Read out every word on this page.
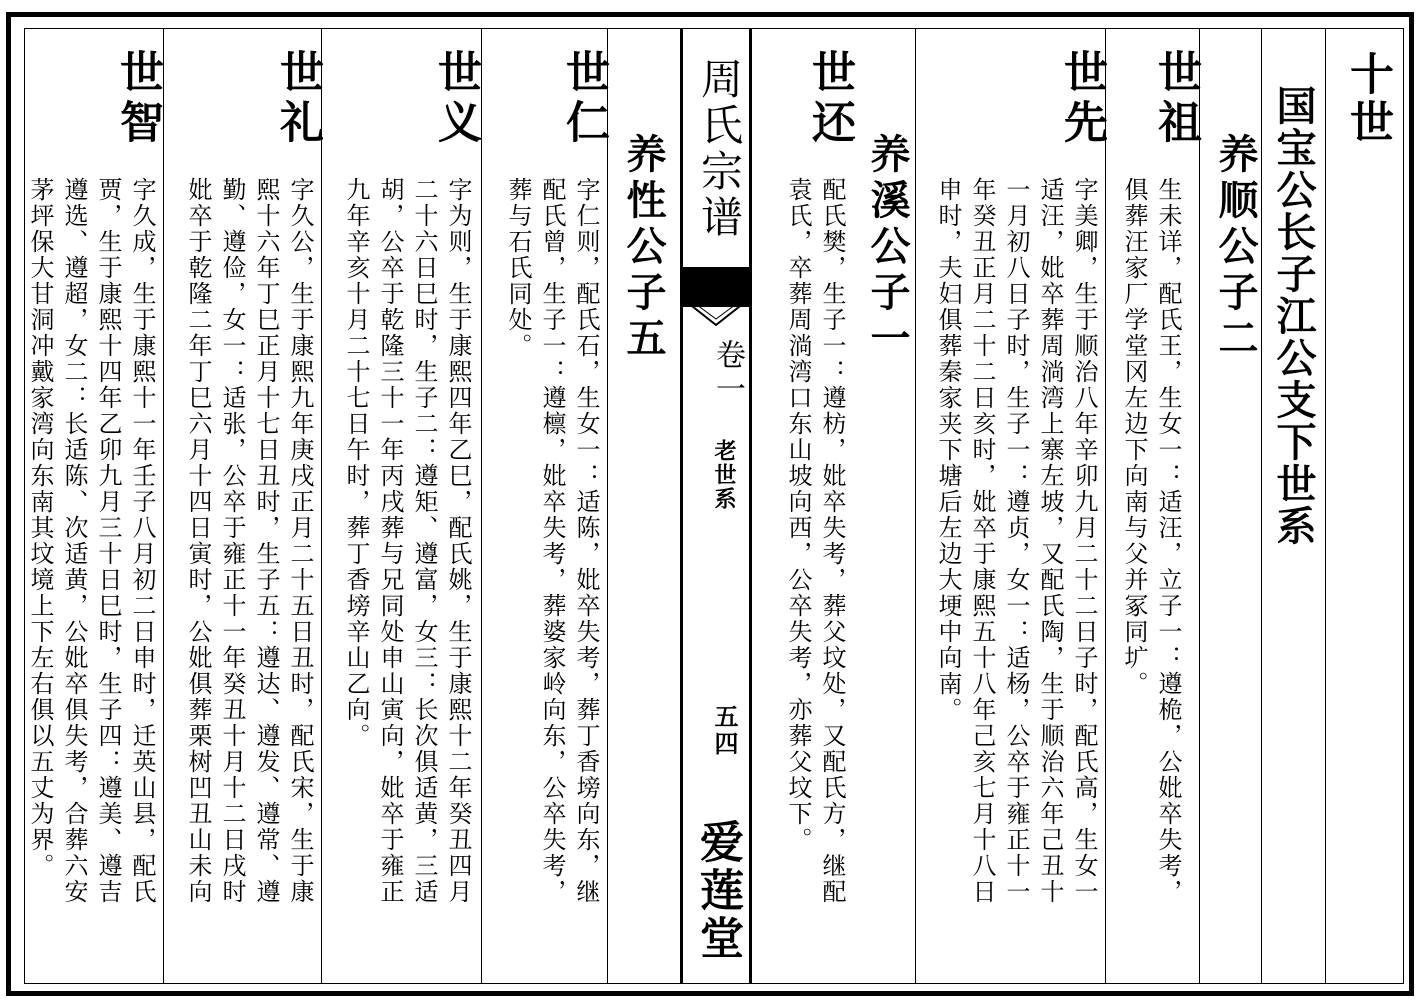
周氏宗谱
卷一
老世系
五四
爱莲堂
十世
国宝公长子江公支下世系
养顺公子二
世祖
生未详，配氏王，生女一：适汪，立子一：遵桅，公妣卒失考，
俱葬汪家厂学堂冈左边下向南与父并冢同圹。
世先
字美卿，生于顺治八年辛卯九月二十二日子时，配氏高，生女一
适汪，妣卒葬周淌湾上寨左坡，又配氏陶，生于顺治六年己丑十
一月初八日子时，生子一：遵贞，女一：适杨，公卒于雍正十一
年癸丑正月二十二日亥时，妣卒于康熙五十八年己亥七月十八日
申时，夫妇俱葬秦家夹下塘后左边大埂中向南。
养溪公子一
世还
配氏樊，生子一：遵枋，妣卒失考，葬父坟处，又配氏方，继配
袁氏，卒葬周淌湾口东山坡向西，公卒失考，亦葬父坟下。
养性公子五
世仁
字仁则，配氏石，生女一：适陈，妣卒失考，葬丁香塝向东，继
配氏曾，生子一：遵檩，妣卒失考，葬婆家岭向东，公卒失考，
葬与石氏同处。
世义
字为则，生于康熙四年乙巳，配氏姚，生于康熙十二年癸丑四月
二十六日巳时，生子二：遵矩、遵富，女三：长次俱适黄，三适
胡，公卒于乾隆三十一年丙戌葬与兄同处申山寅向，妣卒于雍正
九年辛亥十月二十七日午时，葬丁香塝辛山乙向。
世礼
字久公，生于康熙九年庚戌正月二十五日丑时，配氏宋，生于康
熙十六年丁巳正月十七日丑时，生子五：遵达、遵发、遵常、遵
勤、遵俭，女一：适张，公卒于雍正十一年癸丑十月十二日戌时
妣卒于乾隆二年丁巳六月十四日寅时，公妣俱葬栗树凹丑山未向
世智
字久成，生于康熙十一年壬子八月初二日申时，迁英山县，配氏
贾，生于康熙十四年乙卯九月三十日巳时，生子四：遵美、遵吉
遵选、遵超，女二：长适陈、次适黄，公妣卒俱失考，合葬六安
茅坪保大甘洞冲戴家湾向东南其坟境上下左右俱以五丈为界。
